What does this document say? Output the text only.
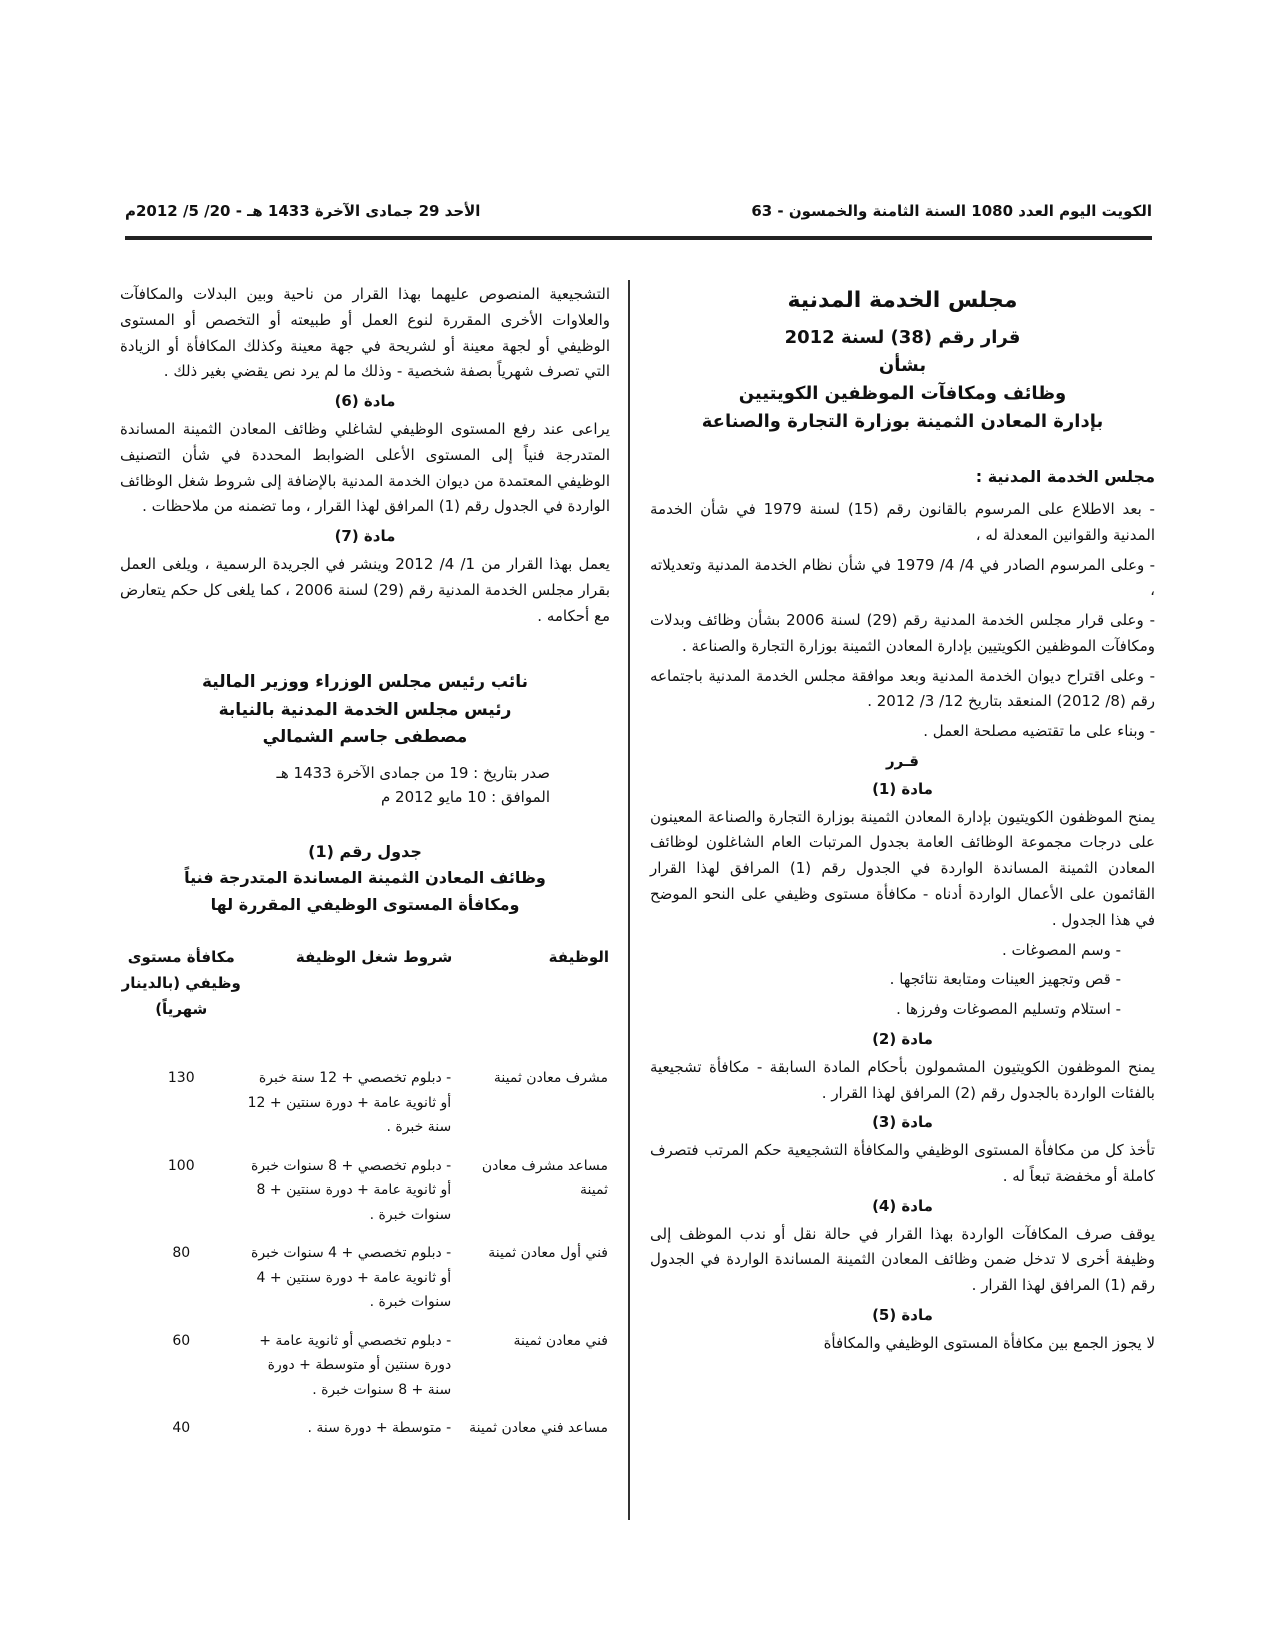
الكويت اليوم العدد 1080 السنة الثامنة والخمسون - 63
الأحد 29 جمادى الآخرة 1433 هـ - 20/ 5/ 2012م
مجلس الخدمة المدنية
قرار رقم (38) لسنة 2012
بشأن
وظائف ومكافآت الموظفين الكويتيين
بإدارة المعادن الثمينة بوزارة التجارة والصناعة
مجلس الخدمة المدنية :

- بعد الاطلاع على المرسوم بالقانون رقم (15) لسنة 1979 في شأن الخدمة المدنية والقوانين المعدلة له ،

- وعلى المرسوم الصادر في 4/ 4/ 1979 في شأن نظام الخدمة المدنية وتعديلاته ،

- وعلى قرار مجلس الخدمة المدنية رقم (29) لسنة 2006 بشأن وظائف وبدلات ومكافآت الموظفين الكويتيين بإدارة المعادن الثمينة بوزارة التجارة والصناعة .

- وعلى اقتراح ديوان الخدمة المدنية وبعد موافقة مجلس الخدمة المدنية باجتماعه رقم (8/ 2012) المنعقد بتاريخ 12/ 3/ 2012 .

- وبناء على ما تقتضيه مصلحة العمل .

قـرر
مادة (1)

يمنح الموظفون الكويتيون بإدارة المعادن الثمينة بوزارة التجارة والصناعة المعينون على درجات مجموعة الوظائف العامة بجدول المرتبات العام الشاغلون لوظائف المعادن الثمينة المساندة الواردة في الجدول رقم (1) المرافق لهذا القرار القائمون على الأعمال الواردة أدناه - مكافأة مستوى وظيفي على النحو الموضح في هذا الجدول .

- وسم المصوغات .

- قص وتجهيز العينات ومتابعة نتائجها .

- استلام وتسليم المصوغات وفرزها .

مادة (2)

يمنح الموظفون الكويتيون المشمولون بأحكام المادة السابقة - مكافأة تشجيعية بالفئات الواردة بالجدول رقم (2) المرافق لهذا القرار .

مادة (3)

تأخذ كل من مكافأة المستوى الوظيفي والمكافأة التشجيعية حكم المرتب فتصرف كاملة أو مخفضة تبعاً له .

مادة (4)

يوقف صرف المكافآت الواردة بهذا القرار في حالة نقل أو ندب الموظف إلى وظيفة أخرى لا تدخل ضمن وظائف المعادن الثمينة المساندة الواردة في الجدول رقم (1) المرافق لهذا القرار .

مادة (5)

لا يجوز الجمع بين مكافأة المستوى الوظيفي والمكافأة

التشجيعية المنصوص عليهما بهذا القرار من ناحية وبين البدلات والمكافآت والعلاوات الأخرى المقررة لنوع العمل أو طبيعته أو التخصص أو المستوى الوظيفي أو لجهة معينة أو لشريحة في جهة معينة وكذلك المكافأة أو الزيادة التي تصرف شهرياً بصفة شخصية - وذلك ما لم يرد نص يقضي بغير ذلك .

مادة (6)

يراعى عند رفع المستوى الوظيفي لشاغلي وظائف المعادن الثمينة المساندة المتدرجة فنياً إلى المستوى الأعلى الضوابط المحددة في شأن التصنيف الوظيفي المعتمدة من ديوان الخدمة المدنية بالإضافة إلى شروط شغل الوظائف الواردة في الجدول رقم (1) المرافق لهذا القرار ، وما تضمنه من ملاحظات .

مادة (7)

يعمل بهذا القرار من 1/ 4/ 2012 وينشر في الجريدة الرسمية ، ويلغى العمل بقرار مجلس الخدمة المدنية رقم (29) لسنة 2006 ، كما يلغى كل حكم يتعارض مع أحكامه .

نائب رئيس مجلس الوزراء ووزير المالية
رئيس مجلس الخدمة المدنية بالنيابة
مصطفى جاسم الشمالي
صدر بتاريخ : 19 من جمادى الآخرة 1433 هـ
الموافق : 10 مايو 2012 م
جدول رقم (1)
وظائف المعادن الثمينة المساندة المتدرجة فنياً
ومكافأة المستوى الوظيفي المقررة لها
الوظيفة	شروط شغل الوظيفة	مكافأة مستوى وظيفي (بالدينار شهرياً)
مشرف معادن ثمينة	- دبلوم تخصصي + 12 سنة خبرة أو ثانوية عامة + دورة سنتين + 12 سنة خبرة .	130
مساعد مشرف معادن ثمينة	- دبلوم تخصصي + 8 سنوات خبرة أو ثانوية عامة + دورة سنتين + 8 سنوات خبرة .	100
فني أول معادن ثمينة	- دبلوم تخصصي + 4 سنوات خبرة أو ثانوية عامة + دورة سنتين + 4 سنوات خبرة .	80
فني معادن ثمينة	- دبلوم تخصصي أو ثانوية عامة + دورة سنتين أو متوسطة + دورة سنة + 8 سنوات خبرة .	60
مساعد فني معادن ثمينة	- متوسطة + دورة سنة .	40
